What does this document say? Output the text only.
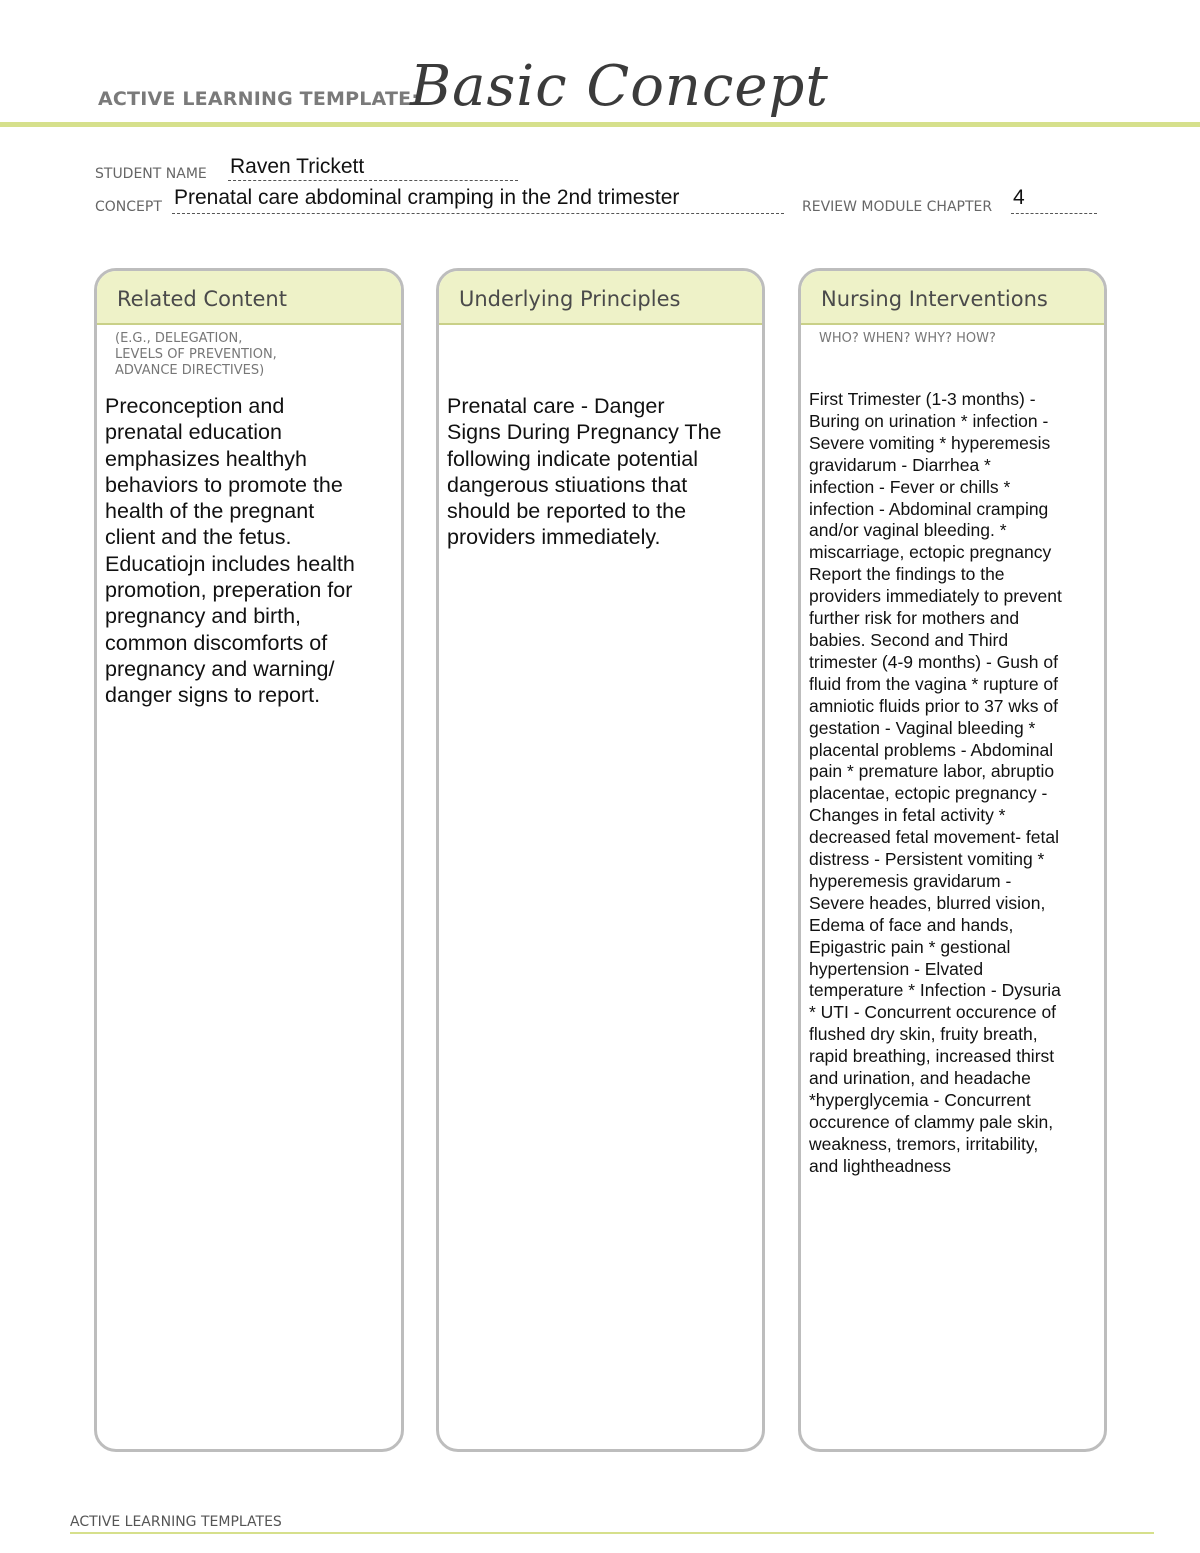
ACTIVE LEARNING TEMPLATE:
Basic Concept
STUDENT NAME Raven Trickett
CONCEPT Prenatal care abdominal cramping in the 2nd trimester	REVIEW MODULE CHAPTER 4
Related Content
(E.G., DELEGATION,
LEVELS OF PREVENTION,
ADVANCE DIRECTIVES)
Preconception and
prenatal education
emphasizes healthyh
behaviors to promote the
health of the pregnant
client and the fetus.
Educatiojn includes health
promotion, preperation for
pregnancy and birth,
common discomforts of
pregnancy and warning/
danger signs to report.
Underlying Principles
Prenatal care - Danger
Signs During Pregnancy The
following indicate potential
dangerous stiuations that
should be reported to the
providers immediately.
Nursing Interventions
WHO? WHEN? WHY? HOW?
First Trimester (1-3 months) -
Buring on urination * infection -
Severe vomiting * hyperemesis
gravidarum - Diarrhea *
infection - Fever or chills *
infection - Abdominal cramping
and/or vaginal bleeding. *
miscarriage, ectopic pregnancy
Report the findings to the
providers immediately to prevent
further risk for mothers and
babies. Second and Third
trimester (4-9 months) - Gush of
fluid from the vagina * rupture of
amniotic fluids prior to 37 wks of
gestation - Vaginal bleeding *
placental problems - Abdominal
pain * premature labor, abruptio
placentae, ectopic pregnancy -
Changes in fetal activity *
decreased fetal movement- fetal
distress - Persistent vomiting *
hyperemesis gravidarum -
Severe heades, blurred vision,
Edema of face and hands,
Epigastric pain * gestional
hypertension - Elvated
temperature * Infection - Dysuria
* UTI - Concurrent occurence of
flushed dry skin, fruity breath,
rapid breathing, increased thirst
and urination, and headache
*hyperglycemia - Concurrent
occurence of clammy pale skin,
weakness, tremors, irritability,
and lightheadness
ACTIVE LEARNING TEMPLATES
